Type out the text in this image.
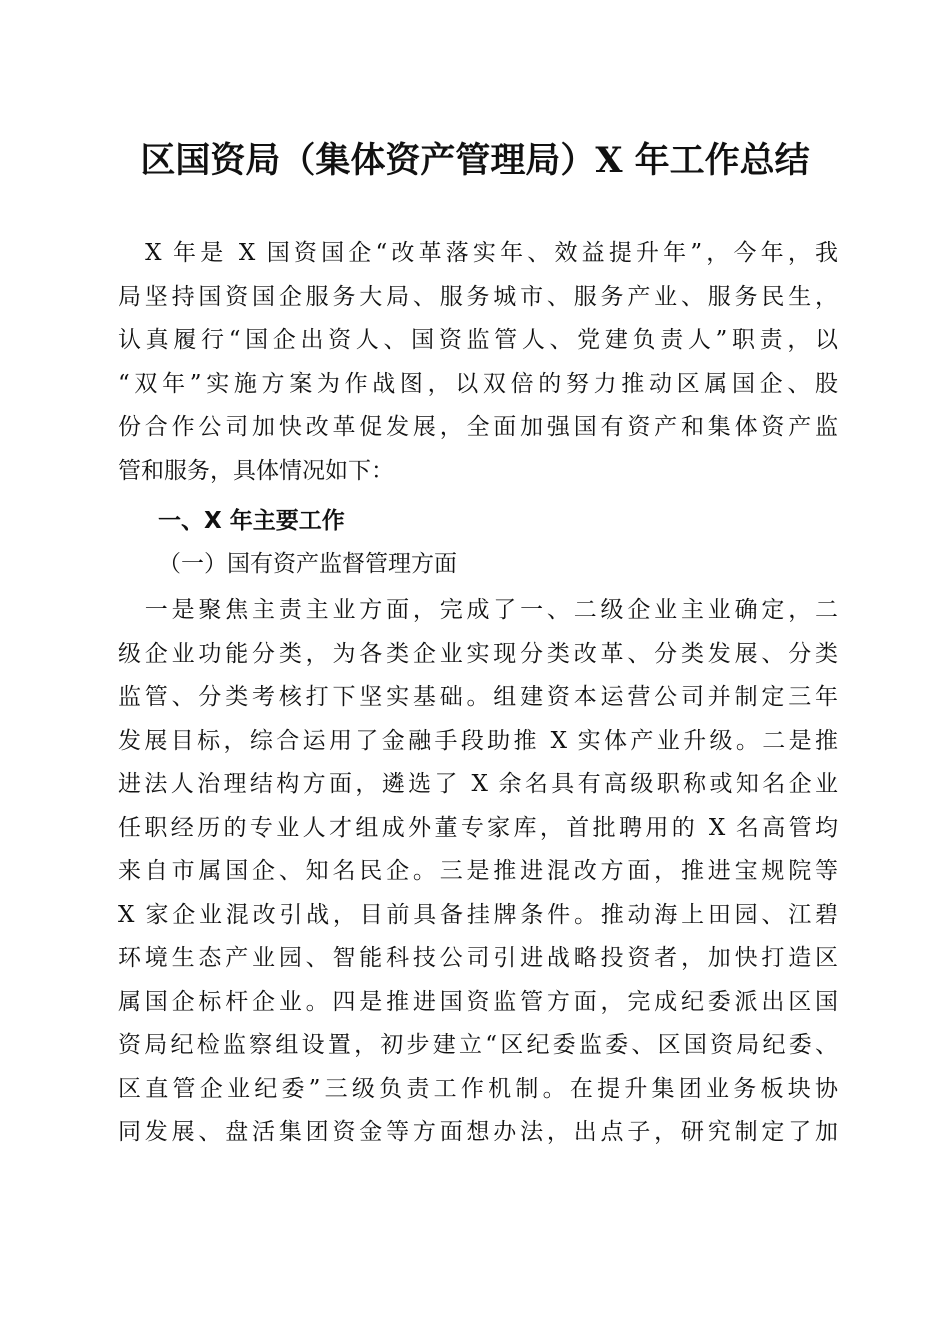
区国资局（集体资产管理局）X 年工作总结
　X 年是 X 国资国企“改革落实年、效益提升年”，今年，我
局坚持国资国企服务大局、服务城市、服务产业、服务民生，
认真履行“国企出资人、国资监管人、党建负责人”职责，以
“双年”实施方案为作战图，以双倍的努力推动区属国企、股
份合作公司加快改革促发展，全面加强国有资产和集体资产监
管和服务，具体情况如下：
一、X 年主要工作
（一）国有资产监督管理方面
　一是聚焦主责主业方面，完成了一、二级企业主业确定，二
级企业功能分类，为各类企业实现分类改革、分类发展、分类
监管、分类考核打下坚实基础。组建资本运营公司并制定三年
发展目标，综合运用了金融手段助推 X 实体产业升级。二是推
进法人治理结构方面，遴选了 X 余名具有高级职称或知名企业
任职经历的专业人才组成外董专家库，首批聘用的 X 名高管均
来自市属国企、知名民企。三是推进混改方面，推进宝规院等
X 家企业混改引战，目前具备挂牌条件。推动海上田园、江碧
环境生态产业园、智能科技公司引进战略投资者，加快打造区
属国企标杆企业。四是推进国资监管方面，完成纪委派出区国
资局纪检监察组设置，初步建立“区纪委监委、区国资局纪委、
区直管企业纪委”三级负责工作机制。在提升集团业务板块协
同发展、盘活集团资金等方面想办法，出点子，研究制定了加
